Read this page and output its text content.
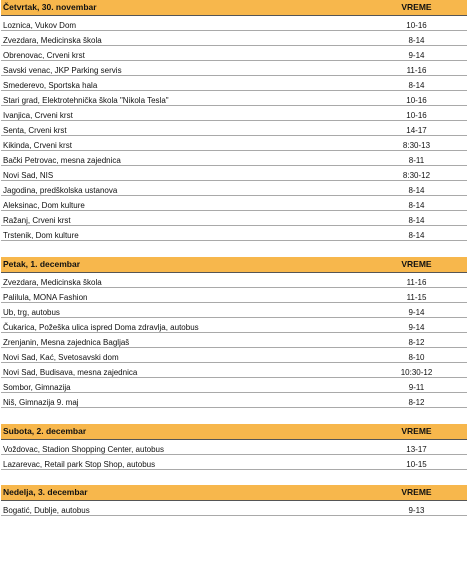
Četvrtak, 30. novembar	VREME
Loznica, Vukov Dom	10-16
Zvezdara, Medicinska škola	8-14
Obrenovac, Crveni krst	9-14
Savski venac, JKP Parking servis	11-16
Smederevo, Sportska hala	8-14
Stari grad, Elektrotehnička škola "Nikola Tesla"	10-16
Ivanjica, Crveni krst	10-16
Senta, Crveni krst	14-17
Kikinda, Crveni krst	8:30-13
Bački Petrovac, mesna zajednica	8-11
Novi Sad, NIS	8:30-12
Jagodina, predškolska ustanova	8-14
Aleksinac, Dom kulture	8-14
Ražanj, Crveni krst	8-14
Trstenik, Dom kulture	8-14
Petak, 1. decembar	VREME
Zvezdara, Medicinska škola	11-16
Palilula, MONA Fashion	11-15
Ub, trg, autobus	9-14
Čukarica, Požeška ulica ispred Doma zdravlja, autobus	9-14
Zrenjanin, Mesna zajednica Bagljaš	8-12
Novi Sad, Kać, Svetosavski dom	8-10
Novi Sad, Budisava, mesna zajednica	10:30-12
Sombor, Gimnazija	9-11
Niš, Gimnazija 9. maj	8-12
Subota, 2. decembar	VREME
Voždovac, Stadion Shopping Center, autobus	13-17
Lazarevac, Retail park Stop Shop, autobus	10-15
Nedelja, 3. decembar	VREME
Bogatić, Dublje, autobus	9-13
